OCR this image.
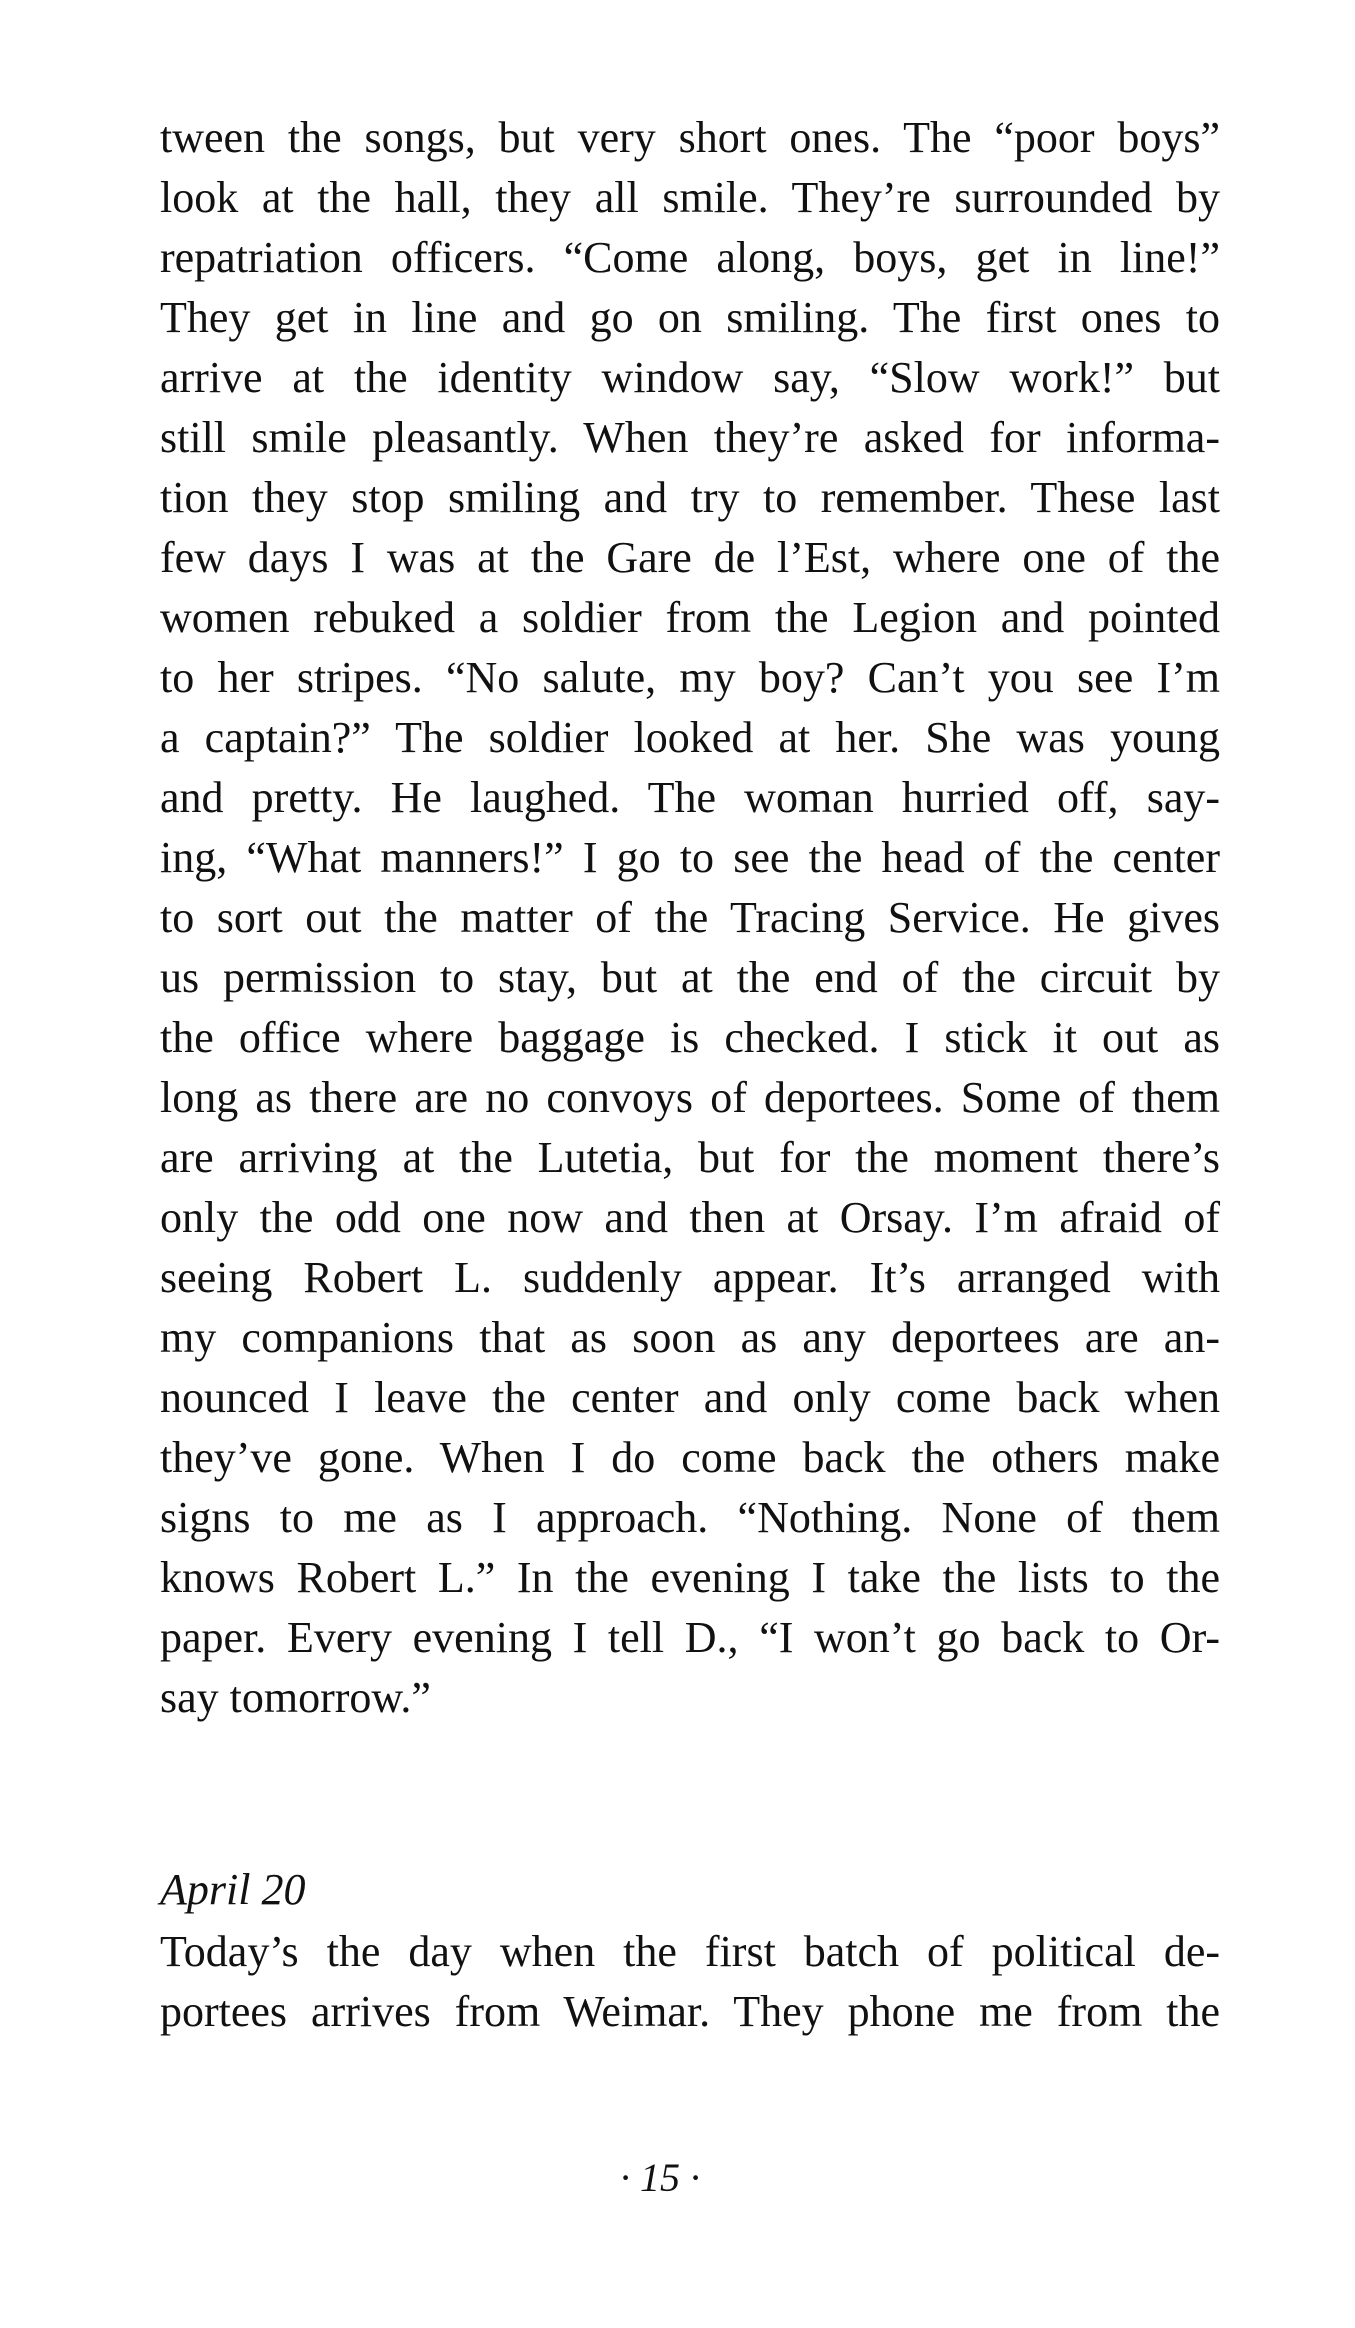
tween the songs, but very short ones. The “poor boys”
look at the hall, they all smile. They’re surrounded by
repatriation officers. “Come along, boys, get in line!”
They get in line and go on smiling. The first ones to
arrive at the identity window say, “Slow work!” but
still smile pleasantly. When they’re asked for informa-
tion they stop smiling and try to remember. These last
few days I was at the Gare de l’Est, where one of the
women rebuked a soldier from the Legion and pointed
to her stripes. “No salute, my boy? Can’t you see I’m
a captain?” The soldier looked at her. She was young
and pretty. He laughed. The woman hurried off, say-
ing, “What manners!” I go to see the head of the center
to sort out the matter of the Tracing Service. He gives
us permission to stay, but at the end of the circuit by
the office where baggage is checked. I stick it out as
long as there are no convoys of deportees. Some of them
are arriving at the Lutetia, but for the moment there’s
only the odd one now and then at Orsay. I’m afraid of
seeing Robert L. suddenly appear. It’s arranged with
my companions that as soon as any deportees are an-
nounced I leave the center and only come back when
they’ve gone. When I do come back the others make
signs to me as I approach. “Nothing. None of them
knows Robert L.” In the evening I take the lists to the
paper. Every evening I tell D., “I won’t go back to Or-
say tomorrow.”
April 20
Today’s the day when the first batch of political de-
portees arrives from Weimar. They phone me from the
· 15 ·
